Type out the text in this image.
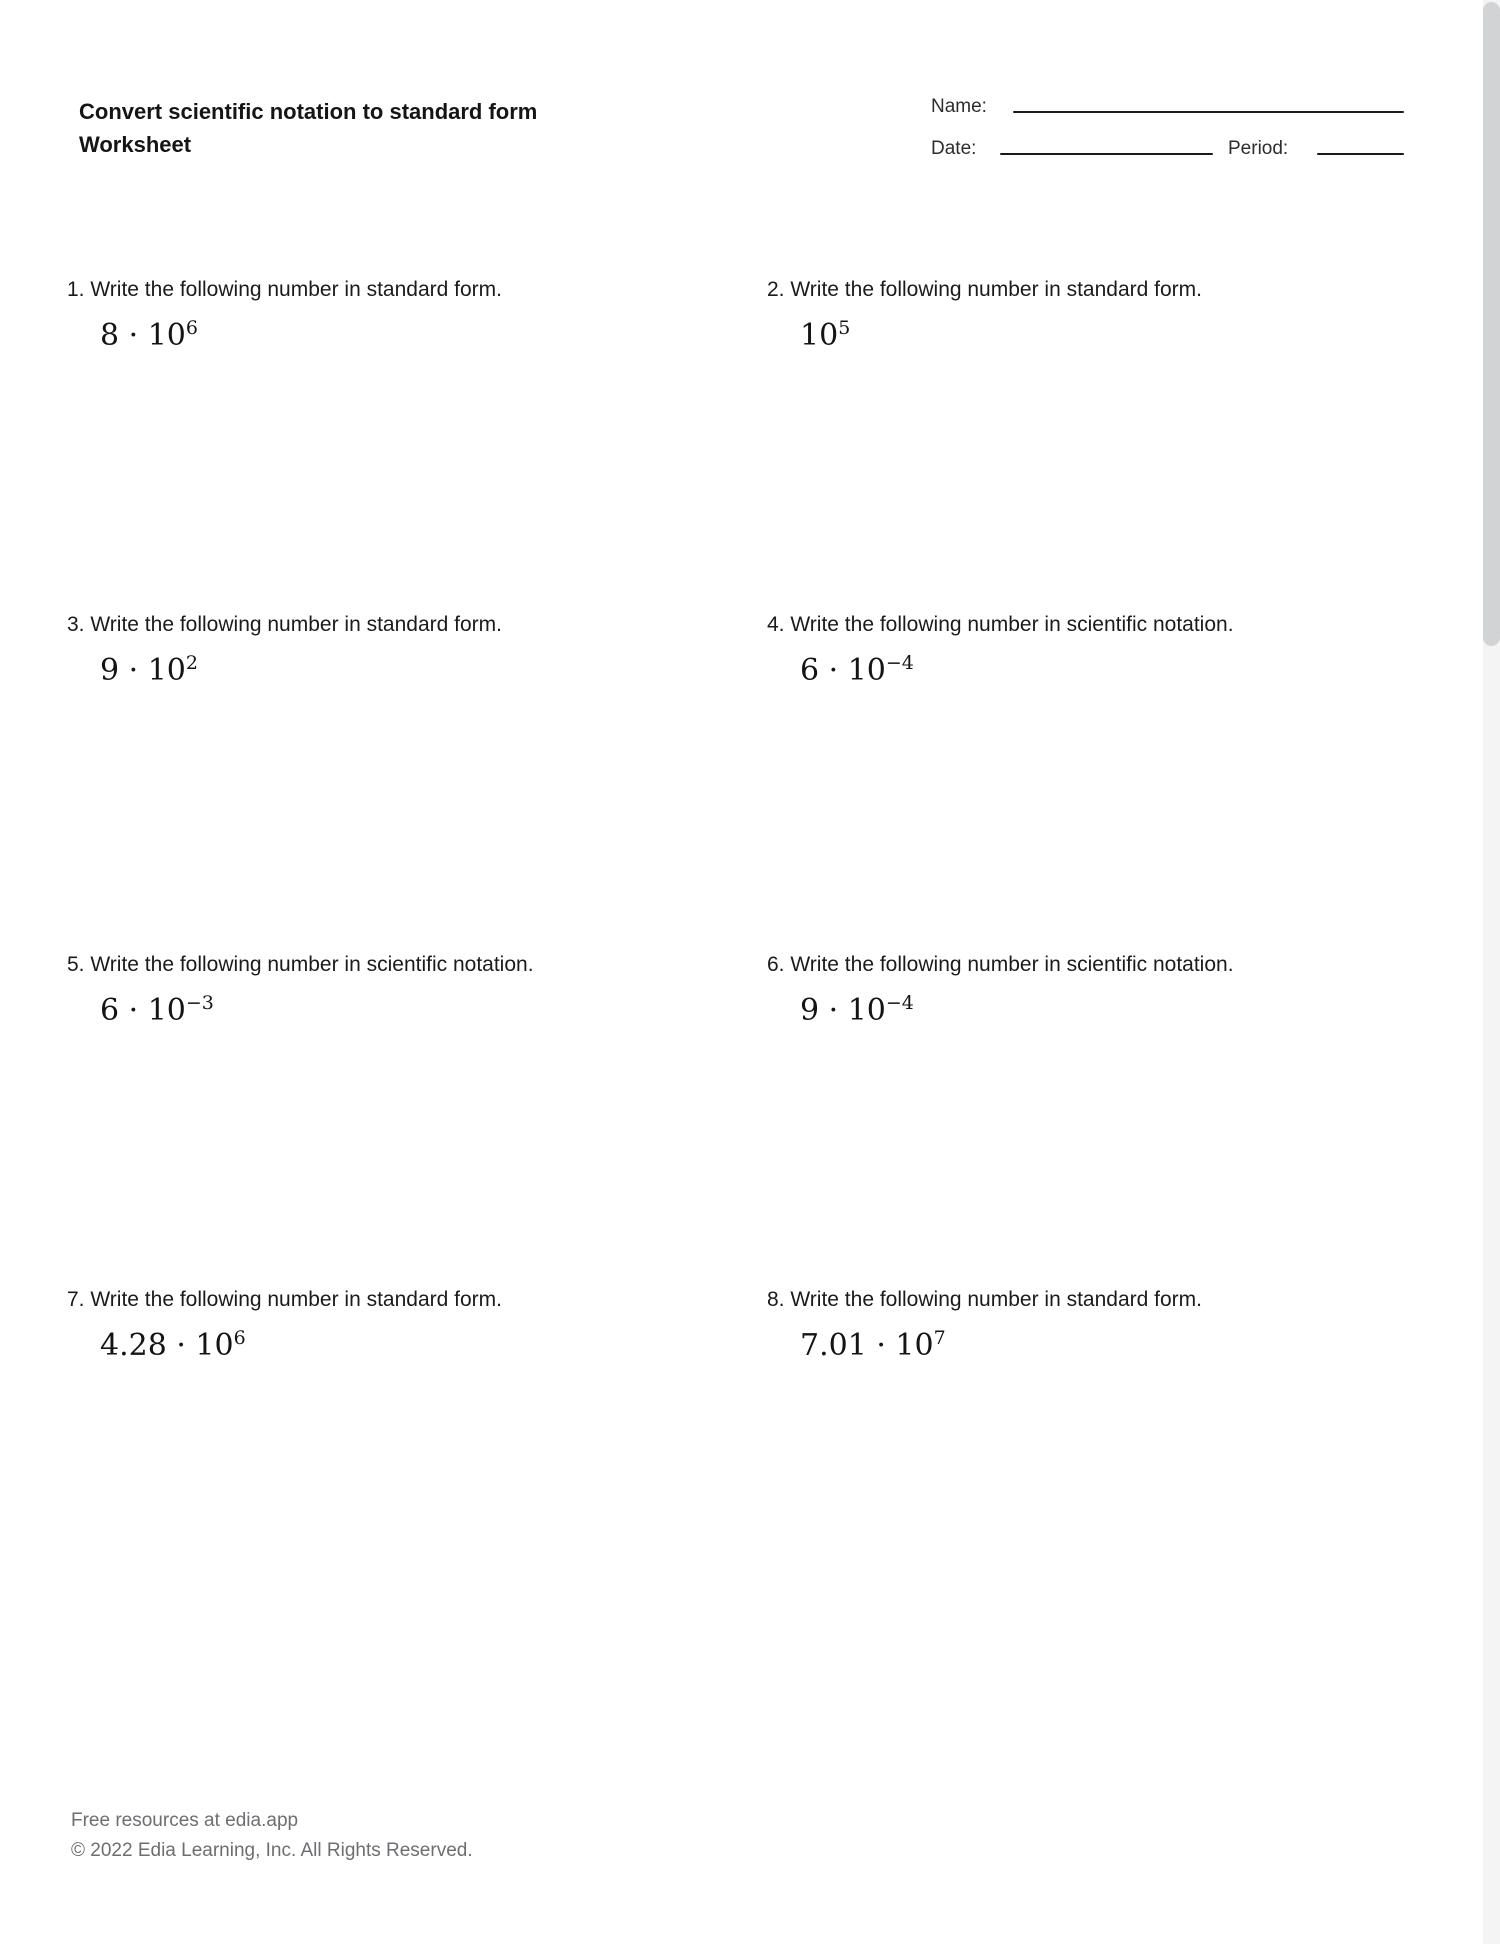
Convert scientific notation to standard form
Worksheet
Name:
Date:	Period:

1. Write the following number in standard form.

$8 \cdot 10^6$

2. Write the following number in standard form.

$10^5$

3. Write the following number in standard form.

$9 \cdot 10^2$

4. Write the following number in scientific notation.

$6 \cdot 10^{-4}$

5. Write the following number in scientific notation.

$6 \cdot 10^{-3}$

6. Write the following number in scientific notation.

$9 \cdot 10^{-4}$

7. Write the following number in standard form.

$4.28 \cdot 10^6$

8. Write the following number in standard form.

$7.01 \cdot 10^7$

Free resources at edia.app
© 2022 Edia Learning, Inc. All Rights Reserved.
